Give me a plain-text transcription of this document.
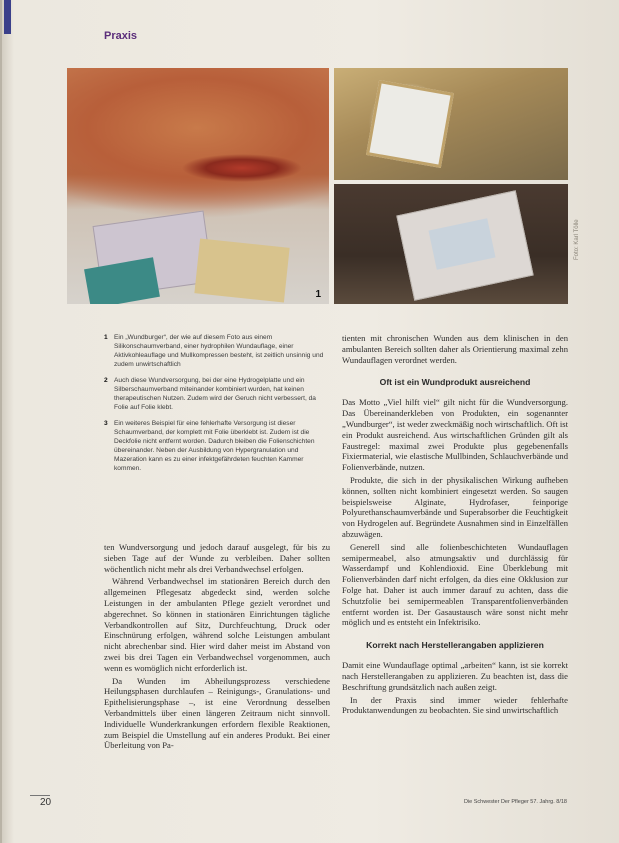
Praxis
1
Foto: Karl Tölle
1 Ein „Wundburger“, der wie auf diesem Foto aus einem Silikonschaumverband, einer hydrophilen Wundauflage, einer Aktivkohleauflage und Mullkompressen besteht, ist zeitlich unsinnig und zudem unwirtschaftlich
2 Auch diese Wundversorgung, bei der eine Hydrogelplatte und ein Silberschaumverband miteinander kombiniert wurden, hat keinen therapeutischen Nutzen. Zudem wird der Geruch nicht verbessert, da Folie auf Folie klebt.
3 Ein weiteres Beispiel für eine fehlerhafte Versorgung ist dieser Schaumverband, der komplett mit Folie überklebt ist. Zudem ist die Deckfolie nicht entfernt worden. Dadurch bleiben die Folienschichten übereinander. Neben der Ausbildung von Hypergranulation und Mazeration kann es zu einer infektgefährdeten feuchten Kammer kommen.

ten Wundversorgung und jedoch darauf ausgelegt, für bis zu sieben Tage auf der Wunde zu verbleiben. Daher sollten wöchentlich nicht mehr als drei Verbandwechsel erfolgen.

Während Verbandwechsel im stationären Bereich durch den allgemeinen Pflegesatz abgedeckt sind, werden solche Leistungen in der ambulanten Pflege gezielt verordnet und abgerechnet. So können in stationären Einrichtungen tägliche Verbandkontrollen auf Sitz, Durchfeuchtung, Druck oder Einschnürung erfolgen, während solche Leistungen ambulant nicht abrechenbar sind. Hier wird daher meist im Abstand von zwei bis drei Tagen ein Verbandwechsel vorgenommen, auch wenn es womöglich nicht erforderlich ist.

Da Wunden im Abheilungsprozess verschiedene Heilungsphasen durchlaufen – Reinigungs-, Granulations- und Epithelisierungsphase –, ist eine Verordnung desselben Verbandmittels über einen längeren Zeitraum nicht sinnvoll. Individuelle Wunderkrankungen erfordern flexible Reaktionen, zum Beispiel die Umstellung auf ein anderes Produkt. Bei einer Überleitung von Pa-

tienten mit chronischen Wunden aus dem klinischen in den ambulanten Bereich sollten daher als Orientierung maximal zehn Wundauflagen verordnet werden.

Oft ist ein Wundprodukt ausreichend

Das Motto „Viel hilft viel“ gilt nicht für die Wundversorgung. Das Übereinanderkleben von Produkten, ein sogenannter „Wundburger“, ist weder zweckmäßig noch wirtschaftlich. Oft ist ein Produkt ausreichend. Aus wirtschaftlichen Gründen gilt als Faustregel: maximal zwei Produkte plus gegebenenfalls Fixiermaterial, wie elastische Mullbinden, Schlauchverbände und Folienverbände, nutzen.

Produkte, die sich in der physikalischen Wirkung aufheben können, sollten nicht kombiniert eingesetzt werden. So saugen beispielsweise Alginate, Hydrofaser, feinporige Polyurethanschaumverbände und Superabsorber die Feuchtigkeit von Hydrogelen auf. Begründete Ausnahmen sind in Einzelfällen abzuwägen.

Generell sind alle folienbeschichteten Wundauflagen semipermeabel, also atmungsaktiv und durchlässig für Wasserdampf und Kohlendioxid. Eine Überklebung mit Folienverbänden darf nicht erfolgen, da dies eine Okklusion zur Folge hat. Daher ist auch immer darauf zu achten, dass die Schutzfolie bei semipermeablen Transparentfolienverbänden entfernt worden ist. Der Gasaustausch wäre sonst nicht mehr möglich und es entsteht ein Infektrisiko.

Korrekt nach Herstellerangaben applizieren

Damit eine Wundauflage optimal „arbeiten“ kann, ist sie korrekt nach Herstellerangaben zu applizieren. Zu beachten ist, dass die Beschriftung grundsätzlich nach außen zeigt.

In der Praxis sind immer wieder fehlerhafte Produktanwendungen zu beobachten. Sie sind unwirtschaftlich

20	Die Schwester Der Pfleger 57. Jahrg. 8/18
